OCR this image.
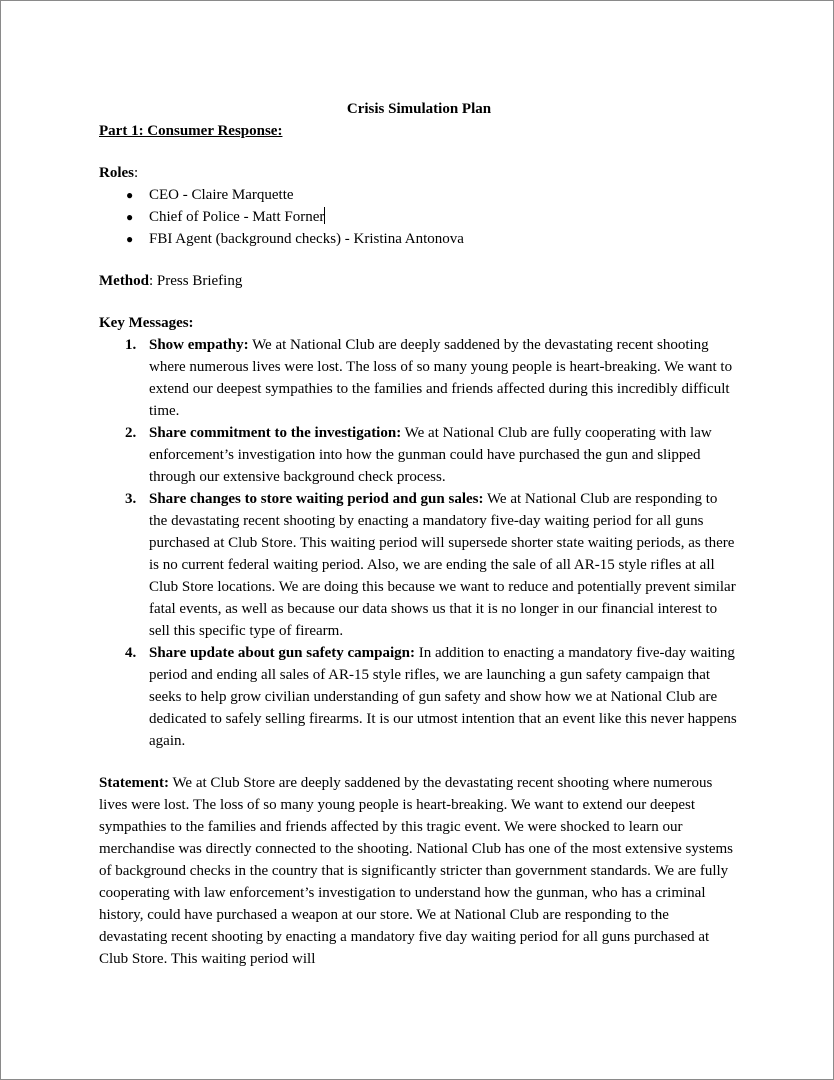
Crisis Simulation Plan

Part 1: Consumer Response:

Roles:

● CEO - Claire Marquette
● Chief of Police - Matt Forner
● FBI Agent (background checks) - Kristina Antonova

Method: Press Briefing

Key Messages:

1. Show empathy: We at National Club are deeply saddened by the devastating recent shooting where numerous lives were lost. The loss of so many young people is heart-breaking. We want to extend our deepest sympathies to the families and friends affected during this incredibly difficult time.
2. Share commitment to the investigation: We at National Club are fully cooperating with law enforcement’s investigation into how the gunman could have purchased the gun and slipped through our extensive background check process.
3. Share changes to store waiting period and gun sales: We at National Club are responding to the devastating recent shooting by enacting a mandatory five-day waiting period for all guns purchased at Club Store. This waiting period will supersede shorter state waiting periods, as there is no current federal waiting period. Also, we are ending the sale of all AR-15 style rifles at all Club Store locations. We are doing this because we want to reduce and potentially prevent similar fatal events, as well as because our data shows us that it is no longer in our financial interest to sell this specific type of firearm.
4. Share update about gun safety campaign: In addition to enacting a mandatory five-day waiting period and ending all sales of AR-15 style rifles, we are launching a gun safety campaign that seeks to help grow civilian understanding of gun safety and show how we at National Club are dedicated to safely selling firearms. It is our utmost intention that an event like this never happens again.

Statement: We at Club Store are deeply saddened by the devastating recent shooting where numerous lives were lost. The loss of so many young people is heart-breaking. We want to extend our deepest sympathies to the families and friends affected by this tragic event. We were shocked to learn our merchandise was directly connected to the shooting. National Club has one of the most extensive systems of background checks in the country that is significantly stricter than government standards. We are fully cooperating with law enforcement’s investigation to understand how the gunman, who has a criminal history, could have purchased a weapon at our store. We at National Club are responding to the devastating recent shooting by enacting a mandatory five day waiting period for all guns purchased at Club Store. This waiting period will
